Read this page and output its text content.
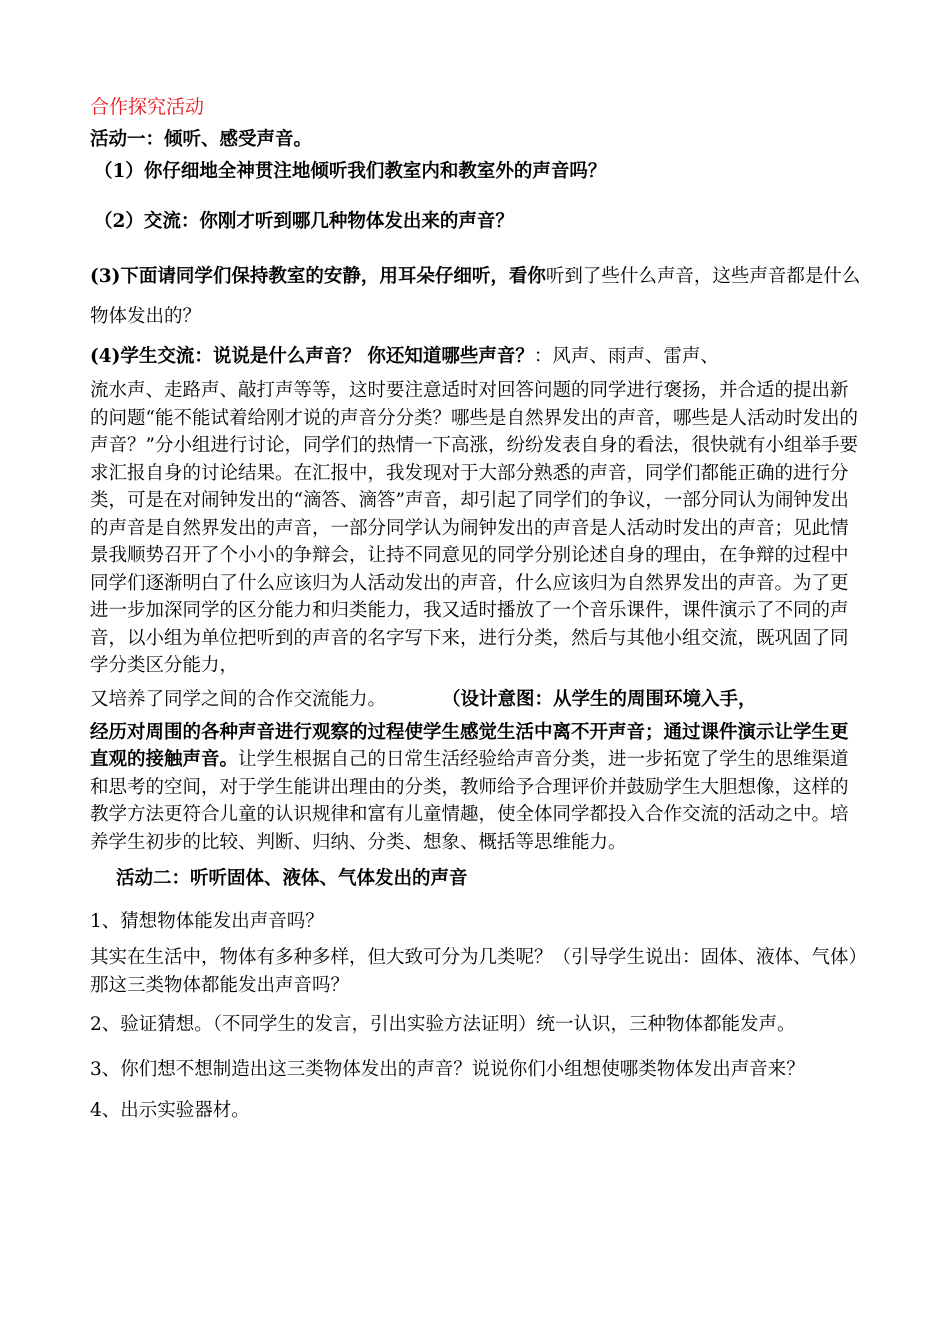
合作探究活动

活动一：倾听、感受声音。

（1）你仔细地全神贯注地倾听我们教室内和教室外的声音吗？

（2）交流：你刚才听到哪几种物体发出来的声音？

(3)下面请同学们保持教室的安静，用耳朵仔细听，看你听到了些什么声音，这些声音都是什么物体发出的？

(4)学生交流：说说是什么声音？ 你还知道哪些声音？：风声、雨声、雷声、

流水声、走路声、敲打声等等，这时要注意适时对回答问题的同学进行褒扬，并合适的提出新的问题“能不能试着给刚才说的声音分分类？哪些是自然界发出的声音，哪些是人活动时发出的声音？”分小组进行讨论，同学们的热情一下高涨，纷纷发表自身的看法，很快就有小组举手要求汇报自身的讨论结果。在汇报中，我发现对于大部分熟悉的声音，同学们都能正确的进行分类，可是在对闹钟发出的“滴答、滴答”声音，却引起了同学们的争议，一部分同认为闹钟发出的声音是自然界发出的声音，一部分同学认为闹钟发出的声音是人活动时发出的声音；见此情景我顺势召开了个小小的争辩会，让持不同意见的同学分别论述自身的理由，在争辩的过程中同学们逐渐明白了什么应该归为人活动发出的声音，什么应该归为自然界发出的声音。为了更进一步加深同学的区分能力和归类能力，我又适时播放了一个音乐课件，课件演示了不同的声音，以小组为单位把听到的声音的名字写下来，进行分类，然后与其他小组交流，既巩固了同学分类区分能力，

又培养了同学之间的合作交流能力。	（设计意图：从学生的周围环境入手，

经历对周围的各种声音进行观察的过程使学生感觉生活中离不开声音；通过课件演示让学生更直观的接触声音。让学生根据自己的日常生活经验给声音分类，进一步拓宽了学生的思维渠道和思考的空间，对于学生能讲出理由的分类，教师给予合理评价并鼓励学生大胆想像，这样的教学方法更符合儿童的认识规律和富有儿童情趣，使全体同学都投入合作交流的活动之中。培养学生初步的比较、判断、归纳、分类、想象、概括等思维能力。

活动二：听听固体、液体、气体发出的声音

1、猜想物体能发出声音吗？

其实在生活中，物体有多种多样，但大致可分为几类呢？（引导学生说出：固体、液体、气体）那这三类物体都能发出声音吗？

2、验证猜想。（不同学生的发言，引出实验方法证明）统一认识，三种物体都能发声。

3、你们想不想制造出这三类物体发出的声音？说说你们小组想使哪类物体发出声音来？

4、出示实验器材。
